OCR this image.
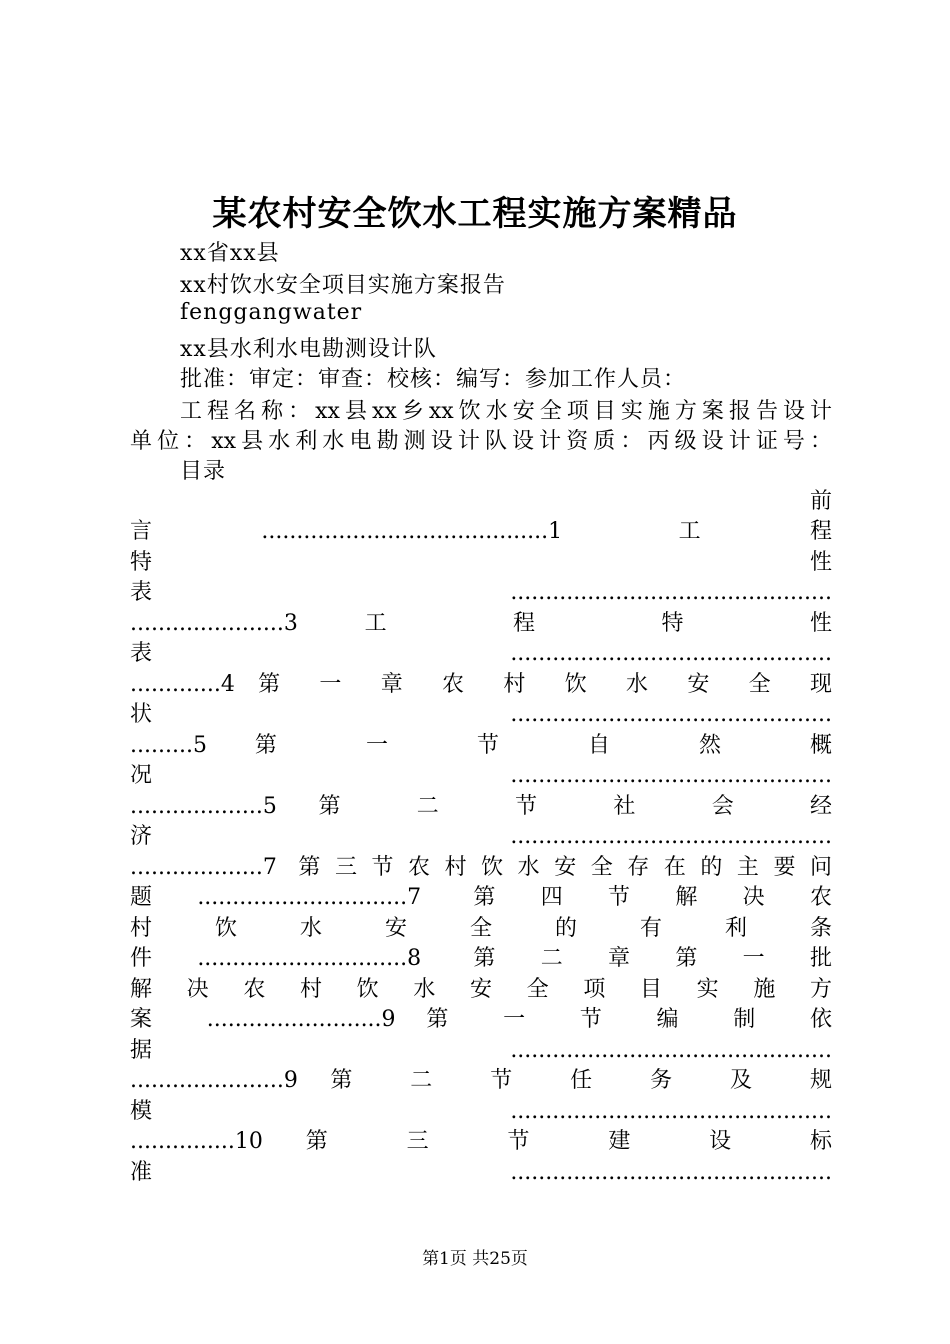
某农村安全饮水工程实施方案精品
xx省xx县
xx村饮水安全项目实施方案报告
fenggangwater
xx县水利水电勘测设计队
批准：审定：审查：校核：编写：参加工作人员：
工程名称：xx县xx乡xx饮水安全项目实施方案报告设计
单位：xx县水利水电勘测设计队设计资质：丙级设计证号：
目录
前
言.........................................1 工程
特 性
表..............................................
......................3 工 程 特 性
表..............................................
.............4 第 一 章 农 村 饮 水 安 全 现
状..............................................
.........5 第 一 节 自 然 概
况..............................................
...................5 第 二 节 社 会 经
济..............................................
...................7 第三节农村饮水安全存在的主要问
题..............................7 第四节解决农
村 饮 水 安 全 的 有 利 条
件..............................8 第二章第一批
解 决 农 村 饮 水 安 全 项 目 实 施 方
案 .........................9 第 一 节 编 制 依
据..............................................
......................9 第 二 节 任 务 及 规
模..............................................
...............10 第 三 节 建 设 标
准..............................................
第1页 共25页
